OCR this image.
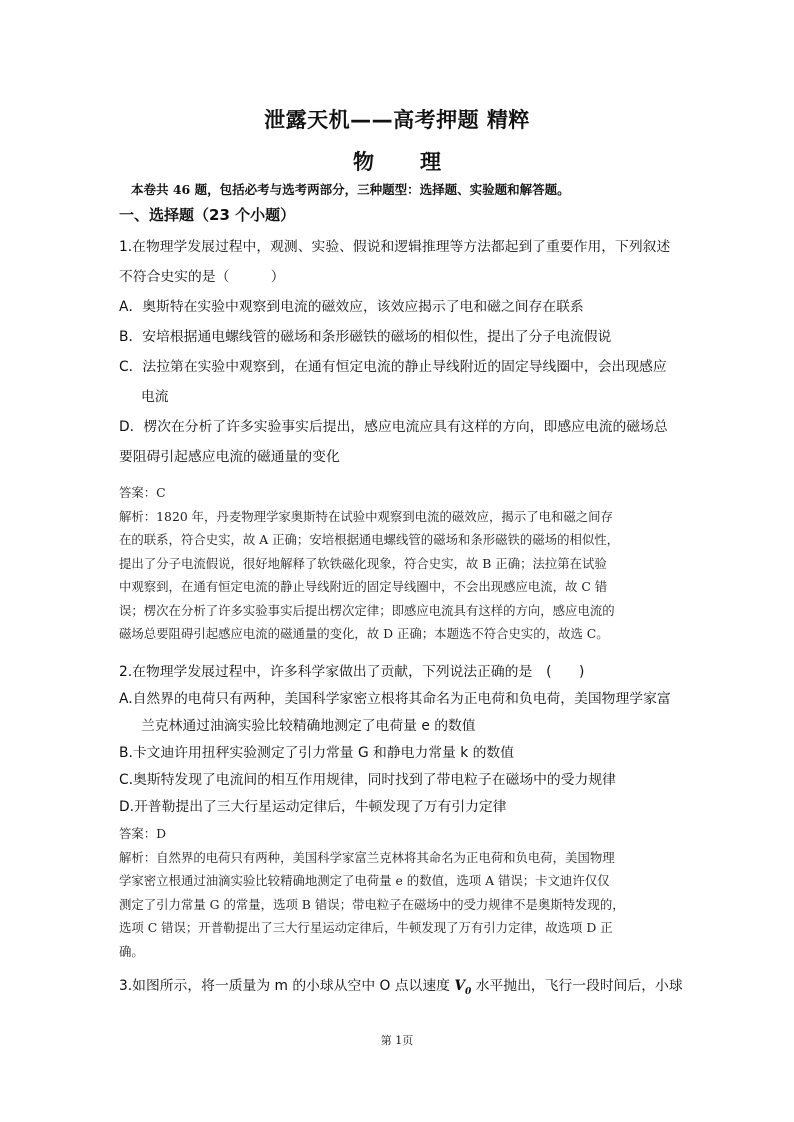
泄露天机——高考押题 精粹
物 理
本卷共 46 题，包括必考与选考两部分，三种题型：选择题、实验题和解答题。
一、选择题（23 个小题）
1.在物理学发展过程中，观测、实验、假说和逻辑推理等方法都起到了重要作用，下列叙述
不符合史实的是（　　　）
A．奥斯特在实验中观察到电流的磁效应，该效应揭示了电和磁之间存在联系
B．安培根据通电螺线管的磁场和条形磁铁的磁场的相似性，提出了分子电流假说
C．法拉第在实验中观察到，在通有恒定电流的静止导线附近的固定导线圈中，会出现感应
电流
D．楞次在分析了许多实验事实后提出，感应电流应具有这样的方向，即感应电流的磁场总
要阻碍引起感应电流的磁通量的变化
答案：C
解析：1820 年，丹麦物理学家奥斯特在试验中观察到电流的磁效应，揭示了电和磁之间存
在的联系，符合史实，故 A 正确；安培根据通电螺线管的磁场和条形磁铁的磁场的相似性，
提出了分子电流假说，很好地解释了软铁磁化现象，符合史实，故 B 正确；法拉第在试验
中观察到，在通有恒定电流的静止导线附近的固定导线圈中，不会出现感应电流，故 C 错
误；楞次在分析了许多实验事实后提出楞次定律；即感应电流具有这样的方向，感应电流的
磁场总要阻碍引起感应电流的磁通量的变化，故 D 正确；本题选不符合史实的，故选 C。
2.在物理学发展过程中，许多科学家做出了贡献，下列说法正确的是　(　　)
A.自然界的电荷只有两种，美国科学家密立根将其命名为正电荷和负电荷，美国物理学家富
兰克林通过油滴实验比较精确地测定了电荷量 e 的数值
B.卡文迪许用扭秤实验测定了引力常量 G 和静电力常量 k 的数值
C.奥斯特发现了电流间的相互作用规律，同时找到了带电粒子在磁场中的受力规律
D.开普勒提出了三大行星运动定律后，牛顿发现了万有引力定律
答案：D
解析：自然界的电荷只有两种，美国科学家富兰克林将其命名为正电荷和负电荷，美国物理
学家密立根通过油滴实验比较精确地测定了电荷量 e 的数值，选项 A 错误；卡文迪许仅仅
测定了引力常量 G 的常量，选项 B 错误；带电粒子在磁场中的受力规律不是奥斯特发现的，
选项 C 错误；开普勒提出了三大行星运动定律后，牛顿发现了万有引力定律，故选项 D 正
确。
3.如图所示，将一质量为 m 的小球从空中 O 点以速度 $V_0$ 水平抛出，飞行一段时间后，小球
第 1页
